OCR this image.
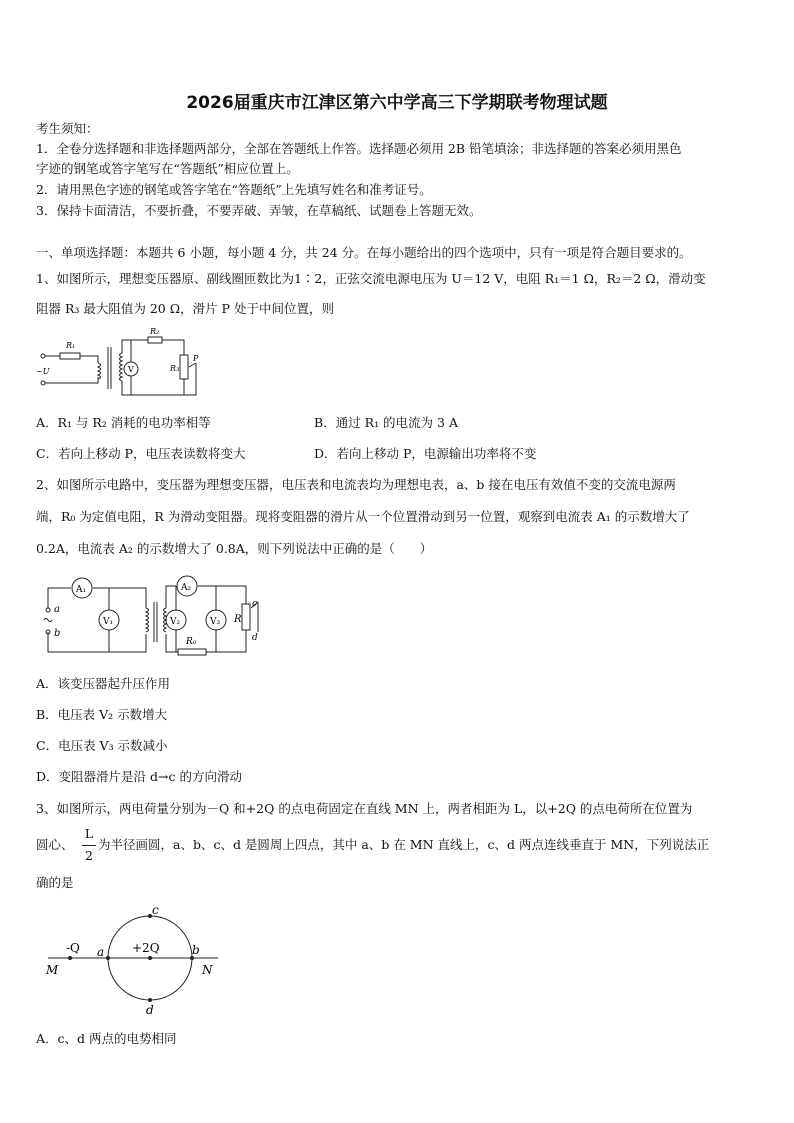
2026届重庆市江津区第六中学高三下学期联考物理试题
考生须知：
1．全卷分选择题和非选择题两部分，全部在答题纸上作答。选择题必须用 2B 铅笔填涂；非选择题的答案必须用黑色
字迹的钢笔或答字笔写在“答题纸”相应位置上。
2．请用黑色字迹的钢笔或答字笔在“答题纸”上先填写姓名和准考证号。
3．保持卡面清洁，不要折叠，不要弄破、弄皱，在草稿纸、试题卷上答题无效。
一、单项选择题：本题共 6 小题，每小题 4 分，共 24 分。在每小题给出的四个选项中，只有一项是符合题目要求的。
1、如图所示，理想变压器原、副线圈匝数比为1∶2，正弦交流电源电压为 U＝12 V，电阻 R₁＝1 Ω，R₂＝2 Ω，滑动变
阻器 R₃ 最大阻值为 20 Ω，滑片 P 处于中间位置，则
R₁
R₂
R₃
P
~U	V
A．R₁ 与 R₂ 消耗的电功率相等	B．通过 R₁ 的电流为 3 A
C．若向上移动 P，电压表读数将变大	D．若向上移动 P，电源输出功率将不变
2、如图所示电路中，变压器为理想变压器，电压表和电流表均为理想电表，a、b 接在电压有效值不变的交流电源两
端，R₀ 为定值电阻，R 为滑动变阻器。现将变阻器的滑片从一个位置滑动到另一位置，观察到电流表 A₁ 的示数增大了
0.2A，电流表 A₂ 的示数增大了 0.8A，则下列说法中正确的是（　　）
A₁	A₂
V₁	V₂	V₃
R₀
R
a
b
c
d
A．该变压器起升压作用
B．电压表 V₂ 示数增大
C．电压表 V₃ 示数减小
D．变阻器滑片是沿 d→c 的方向滑动
3、如图所示，两电荷量分别为－Q 和+2Q 的点电荷固定在直线 MN 上，两者相距为 L，以+2Q 的点电荷所在位置为
圆心、
L
2
为半径画圆，a、b、c、d 是圆周上四点，其中 a、b 在 MN 直线上，c、d 两点连线垂直于 MN，下列说法正
确的是
-Q	+2Q
a	b
c
d
M	N
A．c、d 两点的电势相同
